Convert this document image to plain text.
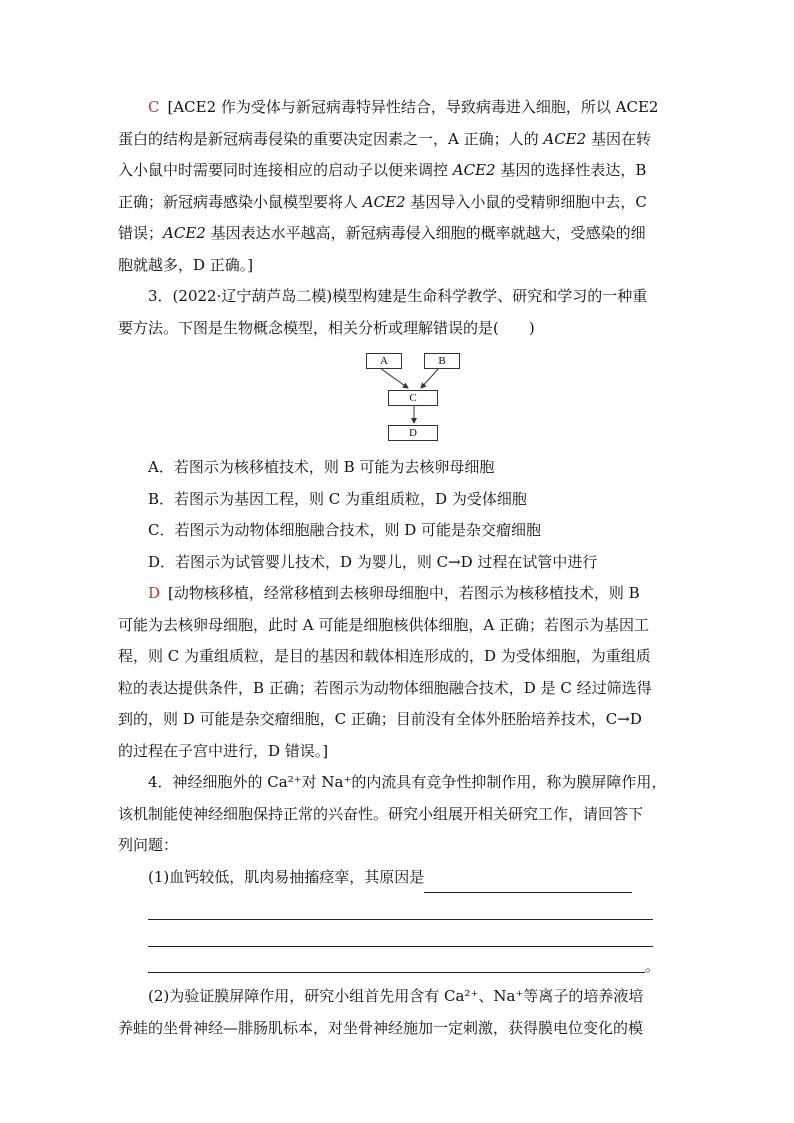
C [ACE2 作为受体与新冠病毒特异性结合，导致病毒进入细胞，所以 ACE2
蛋白的结构是新冠病毒侵染的重要决定因素之一，A 正确；人的 ACE2 基因在转
入小鼠中时需要同时连接相应的启动子以便来调控 ACE2 基因的选择性表达，B
正确；新冠病毒感染小鼠模型要将人 ACE2 基因导入小鼠的受精卵细胞中去，C
错误；ACE2 基因表达水平越高，新冠病毒侵入细胞的概率就越大，受感染的细
胞就越多，D 正确。]

3．(2022·辽宁葫芦岛二模)模型构建是生命科学教学、研究和学习的一种重
要方法。下图是生物概念模型，相关分析或理解错误的是(　　)

A	B
C
D

A．若图示为核移植技术，则 B 可能为去核卵母细胞

B．若图示为基因工程，则 C 为重组质粒，D 为受体细胞

C．若图示为动物体细胞融合技术，则 D 可能是杂交瘤细胞

D．若图示为试管婴儿技术，D 为婴儿，则 C→D 过程在试管中进行

D [动物核移植，经常移植到去核卵母细胞中，若图示为核移植技术，则 B
可能为去核卵母细胞，此时 A 可能是细胞核供体细胞，A 正确；若图示为基因工
程，则 C 为重组质粒，是目的基因和载体相连形成的，D 为受体细胞，为重组质
粒的表达提供条件，B 正确；若图示为动物体细胞融合技术，D 是 C 经过筛选得
到的，则 D 可能是杂交瘤细胞，C 正确；目前没有全体外胚胎培养技术，C→D
的过程在子宫中进行，D 错误。]

4．神经细胞外的 Ca²⁺对 Na⁺的内流具有竞争性抑制作用，称为膜屏障作用，
该机制能使神经细胞保持正常的兴奋性。研究小组展开相关研究工作，请回答下
列问题：

(1)血钙较低，肌肉易抽搐痉挛，其原因是

。

(2)为验证膜屏障作用，研究小组首先用含有 Ca²⁺、Na⁺等离子的培养液培
养蛙的坐骨神经—腓肠肌标本，对坐骨神经施加一定刺激，获得膜电位变化的模
